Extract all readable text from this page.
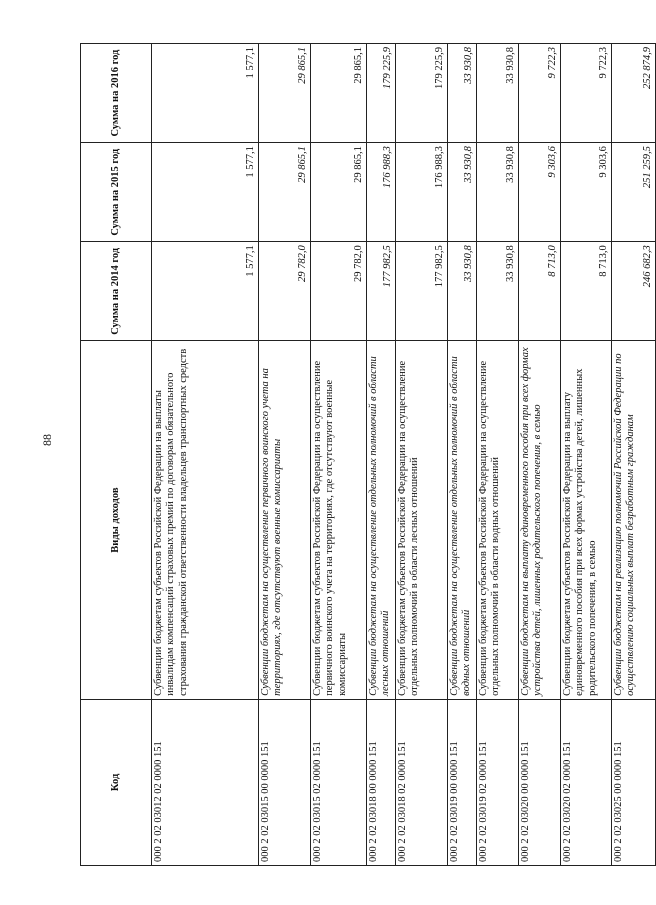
88
Код	Виды доходов	Сумма на 2014 год	Сумма на 2015 год	Сумма на 2016 год
000 2 02 03012 02 0000 151	Субвенции бюджетам субъектов Российской Федерации на выплаты инвалидам компенсаций страховых премий по договорам обязательного страхования гражданской ответственности владельцев транспортных средств	1 577,1	1 577,1	1 577,1
000 2 02 03015 00 0000 151	Субвенции бюджетам на осуществление первичного воинского учета на территориях, где отсутствуют военные комиссариаты	29 782,0	29 865,1	29 865,1
000 2 02 03015 02 0000 151	Субвенции бюджетам субъектов Российской Федерации на осуществление первичного воинского учета на территориях, где отсутствуют военные комиссариаты	29 782,0	29 865,1	29 865,1
000 2 02 03018 00 0000 151	Субвенции бюджетам на осуществление отдельных полномочий в области лесных отношений	177 982,5	176 988,3	179 225,9
000 2 02 03018 02 0000 151	Субвенции бюджетам субъектов Российской Федерации на осуществление отдельных полномочий в области лесных отношений	177 982,5	176 988,3	179 225,9
000 2 02 03019 00 0000 151	Субвенции бюджетам на осуществление отдельных полномочий в области водных отношений	33 930,8	33 930,8	33 930,8
000 2 02 03019 02 0000 151	Субвенции бюджетам субъектов Российской Федерации на осуществление отдельных полномочий в области водных отношений	33 930,8	33 930,8	33 930,8
000 2 02 03020 00 0000 151	Субвенции бюджетам на выплату единовременного пособия при всех формах устройства детей, лишенных родительского попечения, в семью	8 713,0	9 303,6	9 722,3
000 2 02 03020 02 0000 151	Субвенции бюджетам субъектов Российской Федерации на выплату единовременного пособия при всех формах устройства детей, лишенных родительского попечения, в семью	8 713,0	9 303,6	9 722,3
000 2 02 03025 00 0000 151	Субвенции бюджетам на реализацию полномочий Российской Федерации по осуществлению социальных выплат безработным гражданам	246 682,3	251 259,5	252 874,9
